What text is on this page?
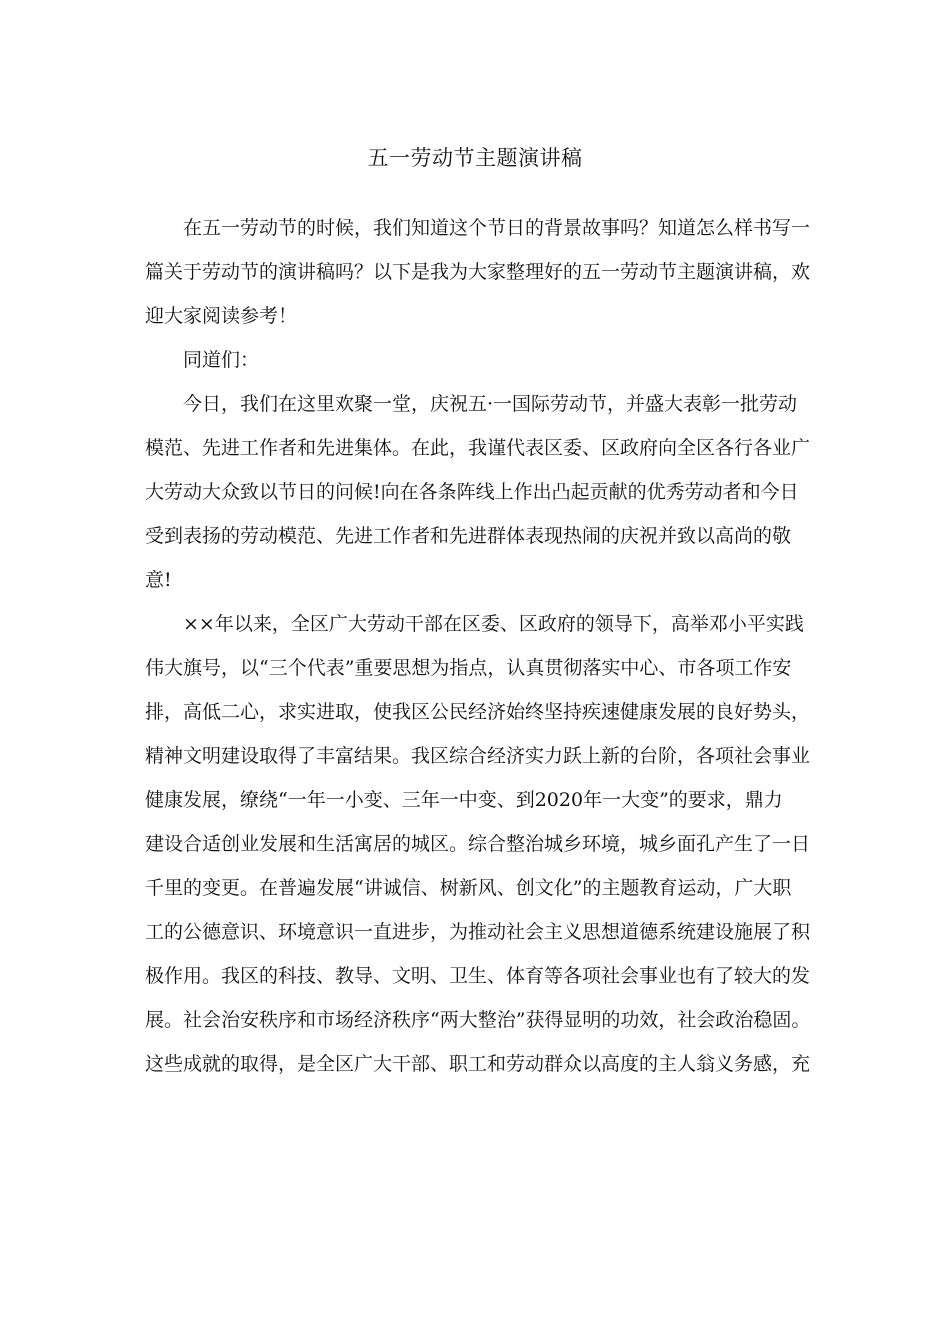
五一劳动节主题演讲稿
在五一劳动节的时候，我们知道这个节日的背景故事吗？知道怎么样书写一
篇关于劳动节的演讲稿吗？以下是我为大家整理好的五一劳动节主题演讲稿，欢
迎大家阅读参考！
同道们：
今日，我们在这里欢聚一堂，庆祝五·一国际劳动节，并盛大表彰一批劳动
模范、先进工作者和先进集体。在此，我谨代表区委、区政府向全区各行各业广
大劳动大众致以节日的问候!向在各条阵线上作出凸起贡献的优秀劳动者和今日
受到表扬的劳动模范、先进工作者和先进群体表现热闹的庆祝并致以高尚的敬
意!
××年以来，全区广大劳动干部在区委、区政府的领导下，高举邓小平实践
伟大旗号，以“三个代表”重要思想为指点，认真贯彻落实中心、市各项工作安
排，高低二心，求实进取，使我区公民经济始终坚持疾速健康发展的良好势头，
精神文明建设取得了丰富结果。我区综合经济实力跃上新的台阶，各项社会事业
健康发展，缭绕“一年一小变、三年一中变、到2020年一大变”的要求，鼎力
建设合适创业发展和生活寓居的城区。综合整治城乡环境，城乡面孔产生了一日
千里的变更。在普遍发展“讲诚信、树新风、创文化”的主题教育运动，广大职
工的公德意识、环境意识一直进步，为推动社会主义思想道德系统建设施展了积
极作用。我区的科技、教导、文明、卫生、体育等各项社会事业也有了较大的发
展。社会治安秩序和市场经济秩序“两大整治”获得显明的功效，社会政治稳固。
这些成就的取得，是全区广大干部、职工和劳动群众以高度的主人翁义务感，充
